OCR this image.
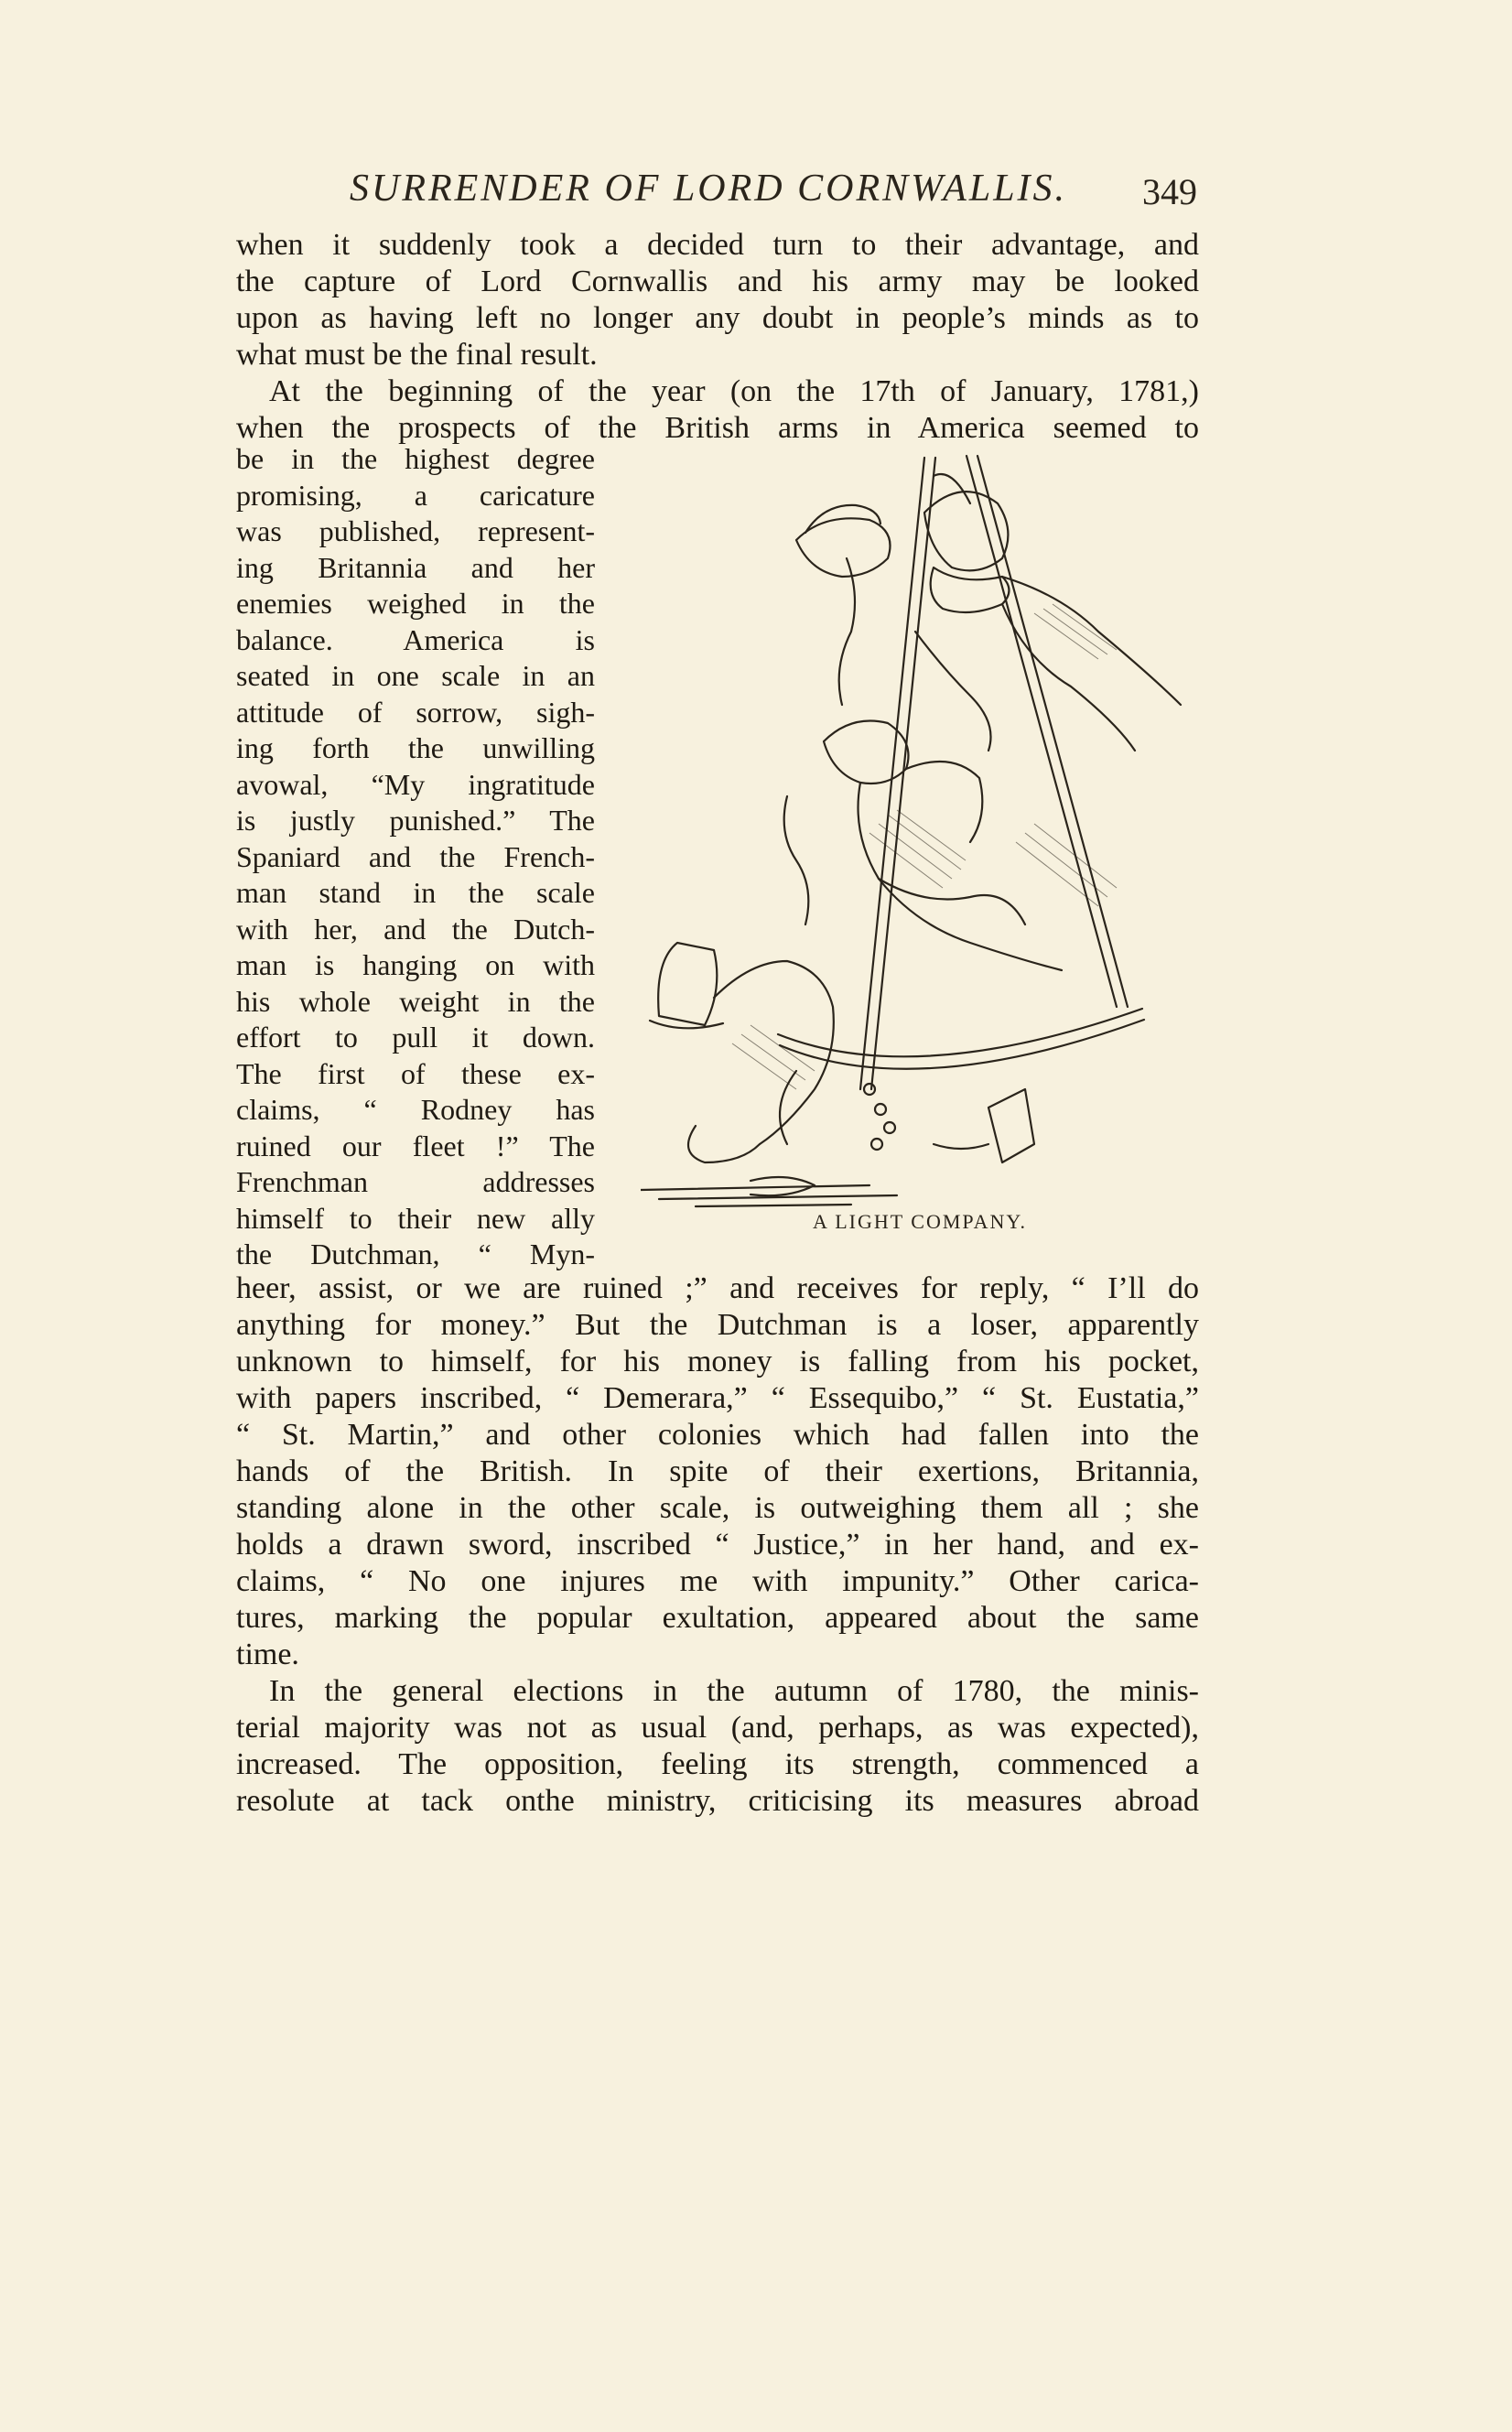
SURRENDER OF LORD CORNWALLIS. 349
when it suddenly took a decided turn to their advantage, and
the capture of Lord Cornwallis and his army may be looked
upon as having left no longer any doubt in people’s minds as to
what must be the final result.
At the beginning of the year (on the 17th of January, 1781,)
when the prospects of the British arms in America seemed to
be in the highest degree
promising, a caricature
was published, represent-
ing Britannia and her
enemies weighed in the
balance. America is
seated in one scale in an
attitude of sorrow, sigh-
ing forth the unwilling
avowal, “My ingratitude
is justly punished.” The
Spaniard and the French-
man stand in the scale
with her, and the Dutch-
man is hanging on with
his whole weight in the
effort to pull it down.
The first of these ex-
claims, “ Rodney has
ruined our fleet !” The
Frenchman addresses
himself to their new ally
the Dutchman, “ Myn-
A LIGHT COMPANY.
heer, assist, or we are ruined ;” and receives for reply, “ I’ll do
anything for money.” But the Dutchman is a loser, apparently
unknown to himself, for his money is falling from his pocket,
with papers inscribed, “ Demerara,” “ Essequibo,” “ St. Eustatia,”
“ St. Martin,” and other colonies which had fallen into the
hands of the British. In spite of their exertions, Britannia,
standing alone in the other scale, is outweighing them all ; she
holds a drawn sword, inscribed “ Justice,” in her hand, and ex-
claims, “ No one injures me with impunity.” Other carica-
tures, marking the popular exultation, appeared about the same
time.
In the general elections in the autumn of 1780, the minis-
terial majority was not as usual (and, perhaps, as was expected),
increased. The opposition, feeling its strength, commenced a
resolute at tack onthe ministry, criticising its measures abroad
